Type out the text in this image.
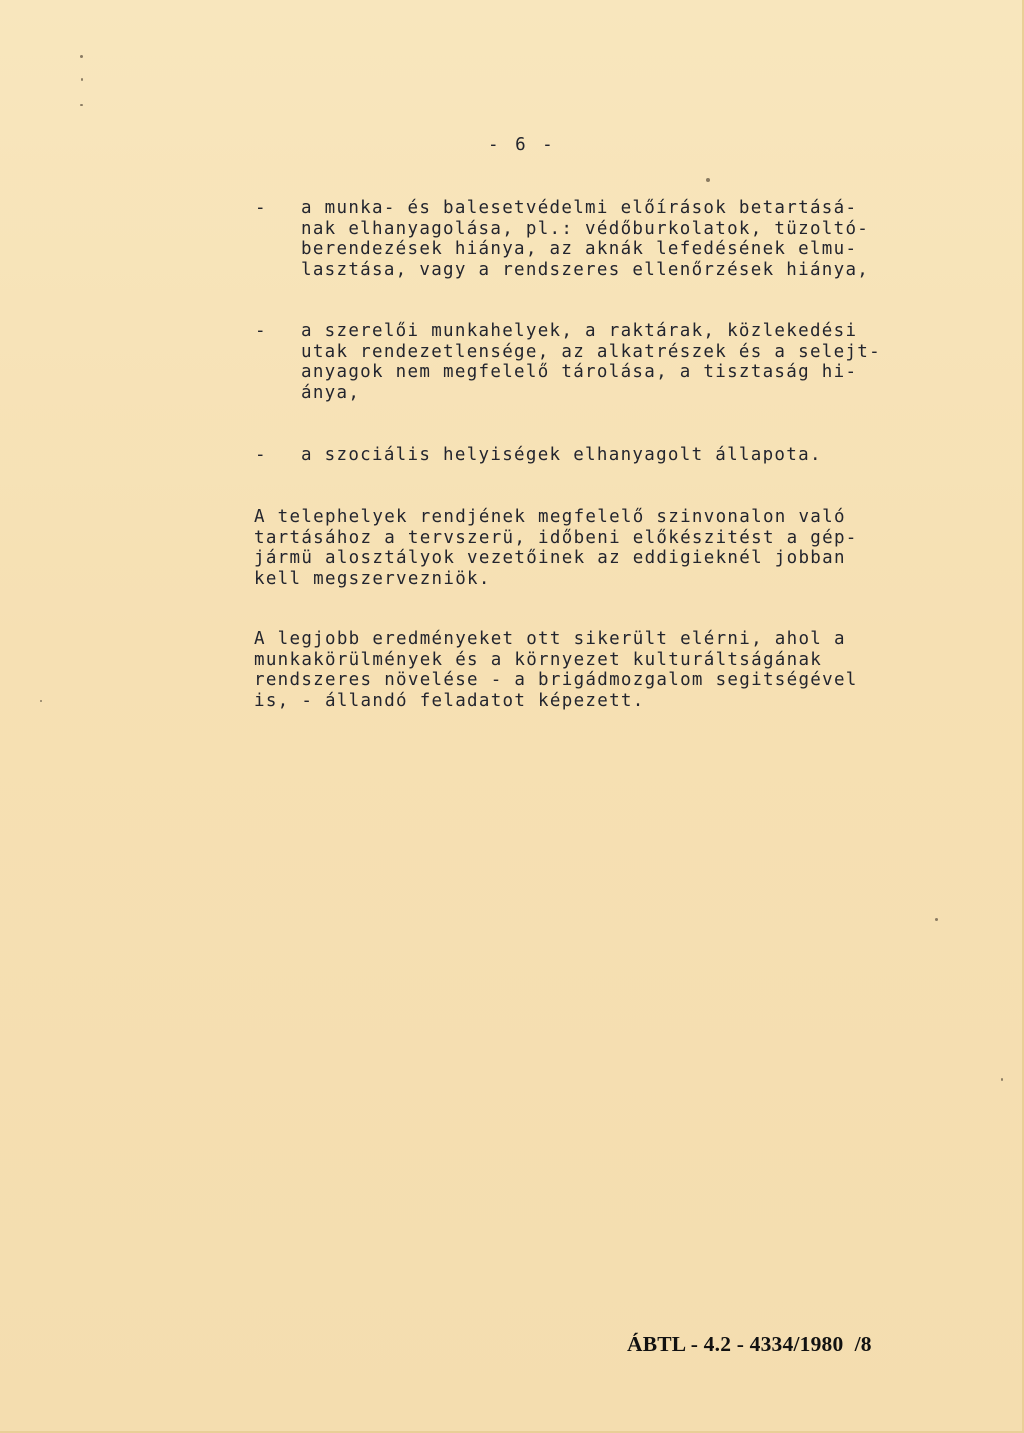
- 6 -

-

a munka- és balesetvédelmi előírások betartásá-
nak elhanyagolása, pl.: védőburkolatok, tüzoltó-
berendezések hiánya, az aknák lefedésének elmu-
lasztása, vagy a rendszeres ellenőrzések hiánya,

-

a szerelői munkahelyek, a raktárak, közlekedési
utak rendezetlensége, az alkatrészek és a selejt-
anyagok nem megfelelő tárolása, a tisztaság hi-
ánya,

-

a szociális helyiségek elhanyagolt állapota.

A telephelyek rendjének megfelelő szinvonalon való
tartásához a tervszerü, időbeni előkészitést a gép-
jármü alosztályok vezetőinek az eddigieknél jobban
kell megszervezniök.
A legjobb eredményeket ott sikerült elérni, ahol a
munkakörülmények és a környezet kulturáltságának
rendszeres növelése - a brigádmozgalom segitségével
is, - állandó feladatot képezett.
ÁBTL - 4.2 - 4334/1980  /8
